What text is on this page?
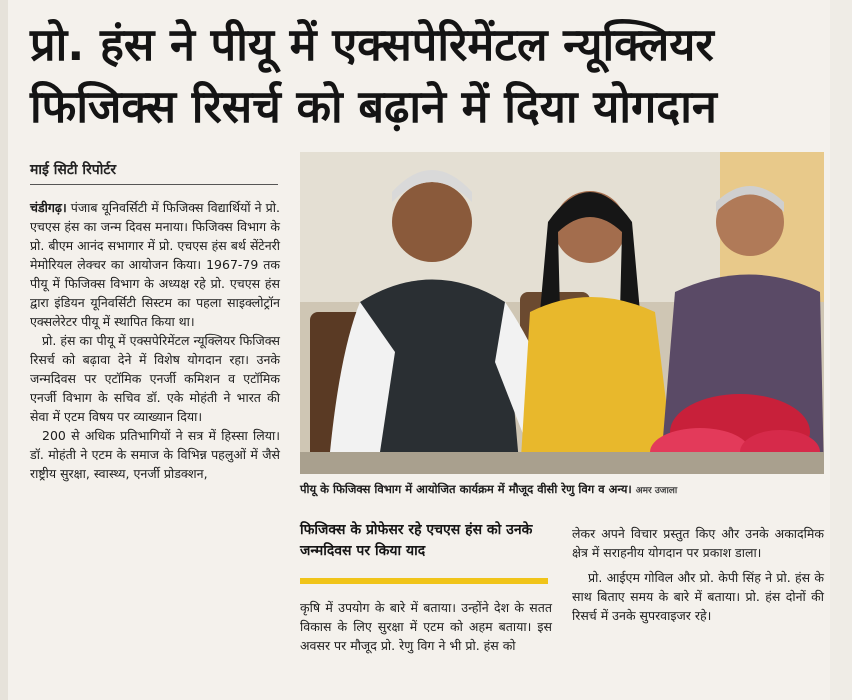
प्रो. हंस ने पीयू में एक्सपेरिमेंटल न्यूक्लियर
फिजिक्स रिसर्च को बढ़ाने में दिया योगदान
माई सिटी रिपोर्टर

चंडीगढ़। पंजाब यूनिवर्सिटी में फिजिक्स विद्यार्थियों ने प्रो. एचएस हंस का जन्म दिवस मनाया। फिजिक्स विभाग के प्रो. बीएम आनंद सभागार में प्रो. एचएस हंस बर्थ सेंटेनरी मेमोरियल लेक्चर का आयोजन किया। 1967-79 तक पीयू में फिजिक्स विभाग के अध्यक्ष रहे प्रो. एचएस हंस द्वारा इंडियन यूनिवर्सिटी सिस्टम का पहला साइक्लोट्रॉन एक्सलेरेटर पीयू में स्थापित किया था।

प्रो. हंस का पीयू में एक्सपेरिमेंटल न्यूक्लियर फिजिक्स रिसर्च को बढ़ावा देने में विशेष योगदान रहा। उनके जन्मदिवस पर एटॉमिक एनर्जी कमिशन व एटॉमिक एनर्जी विभाग के सचिव डॉ. एके मोहंती ने भारत की सेवा में एटम विषय पर व्याख्यान दिया।

200 से अधिक प्रतिभागियों ने सत्र में हिस्सा लिया। डॉ. मोहंती ने एटम के समाज के विभिन्न पहलुओं में जैसे राष्ट्रीय सुरक्षा, स्वास्थ्य, एनर्जी प्रोडक्शन,

पीयू के फिजिक्स विभाग में आयोजित कार्यक्रम में मौजूद वीसी रेणु विग व अन्य। अमर उजाला
फिजिक्स के प्रोफेसर रहे एचएस हंस को उनके जन्मदिवस पर किया याद

कृषि में उपयोग के बारे में बताया। उन्होंने देश के सतत विकास के लिए सुरक्षा में एटम को अहम बताया। इस अवसर पर मौजूद प्रो. रेणु विग ने भी प्रो. हंस को

लेकर अपने विचार प्रस्तुत किए और उनके अकादमिक क्षेत्र में सराहनीय योगदान पर प्रकाश डाला।

प्रो. आईएम गोविल और प्रो. केपी सिंह ने प्रो. हंस के साथ बिताए समय के बारे में बताया। प्रो. हंस दोनों की रिसर्च में उनके सुपरवाइजर रहे।
